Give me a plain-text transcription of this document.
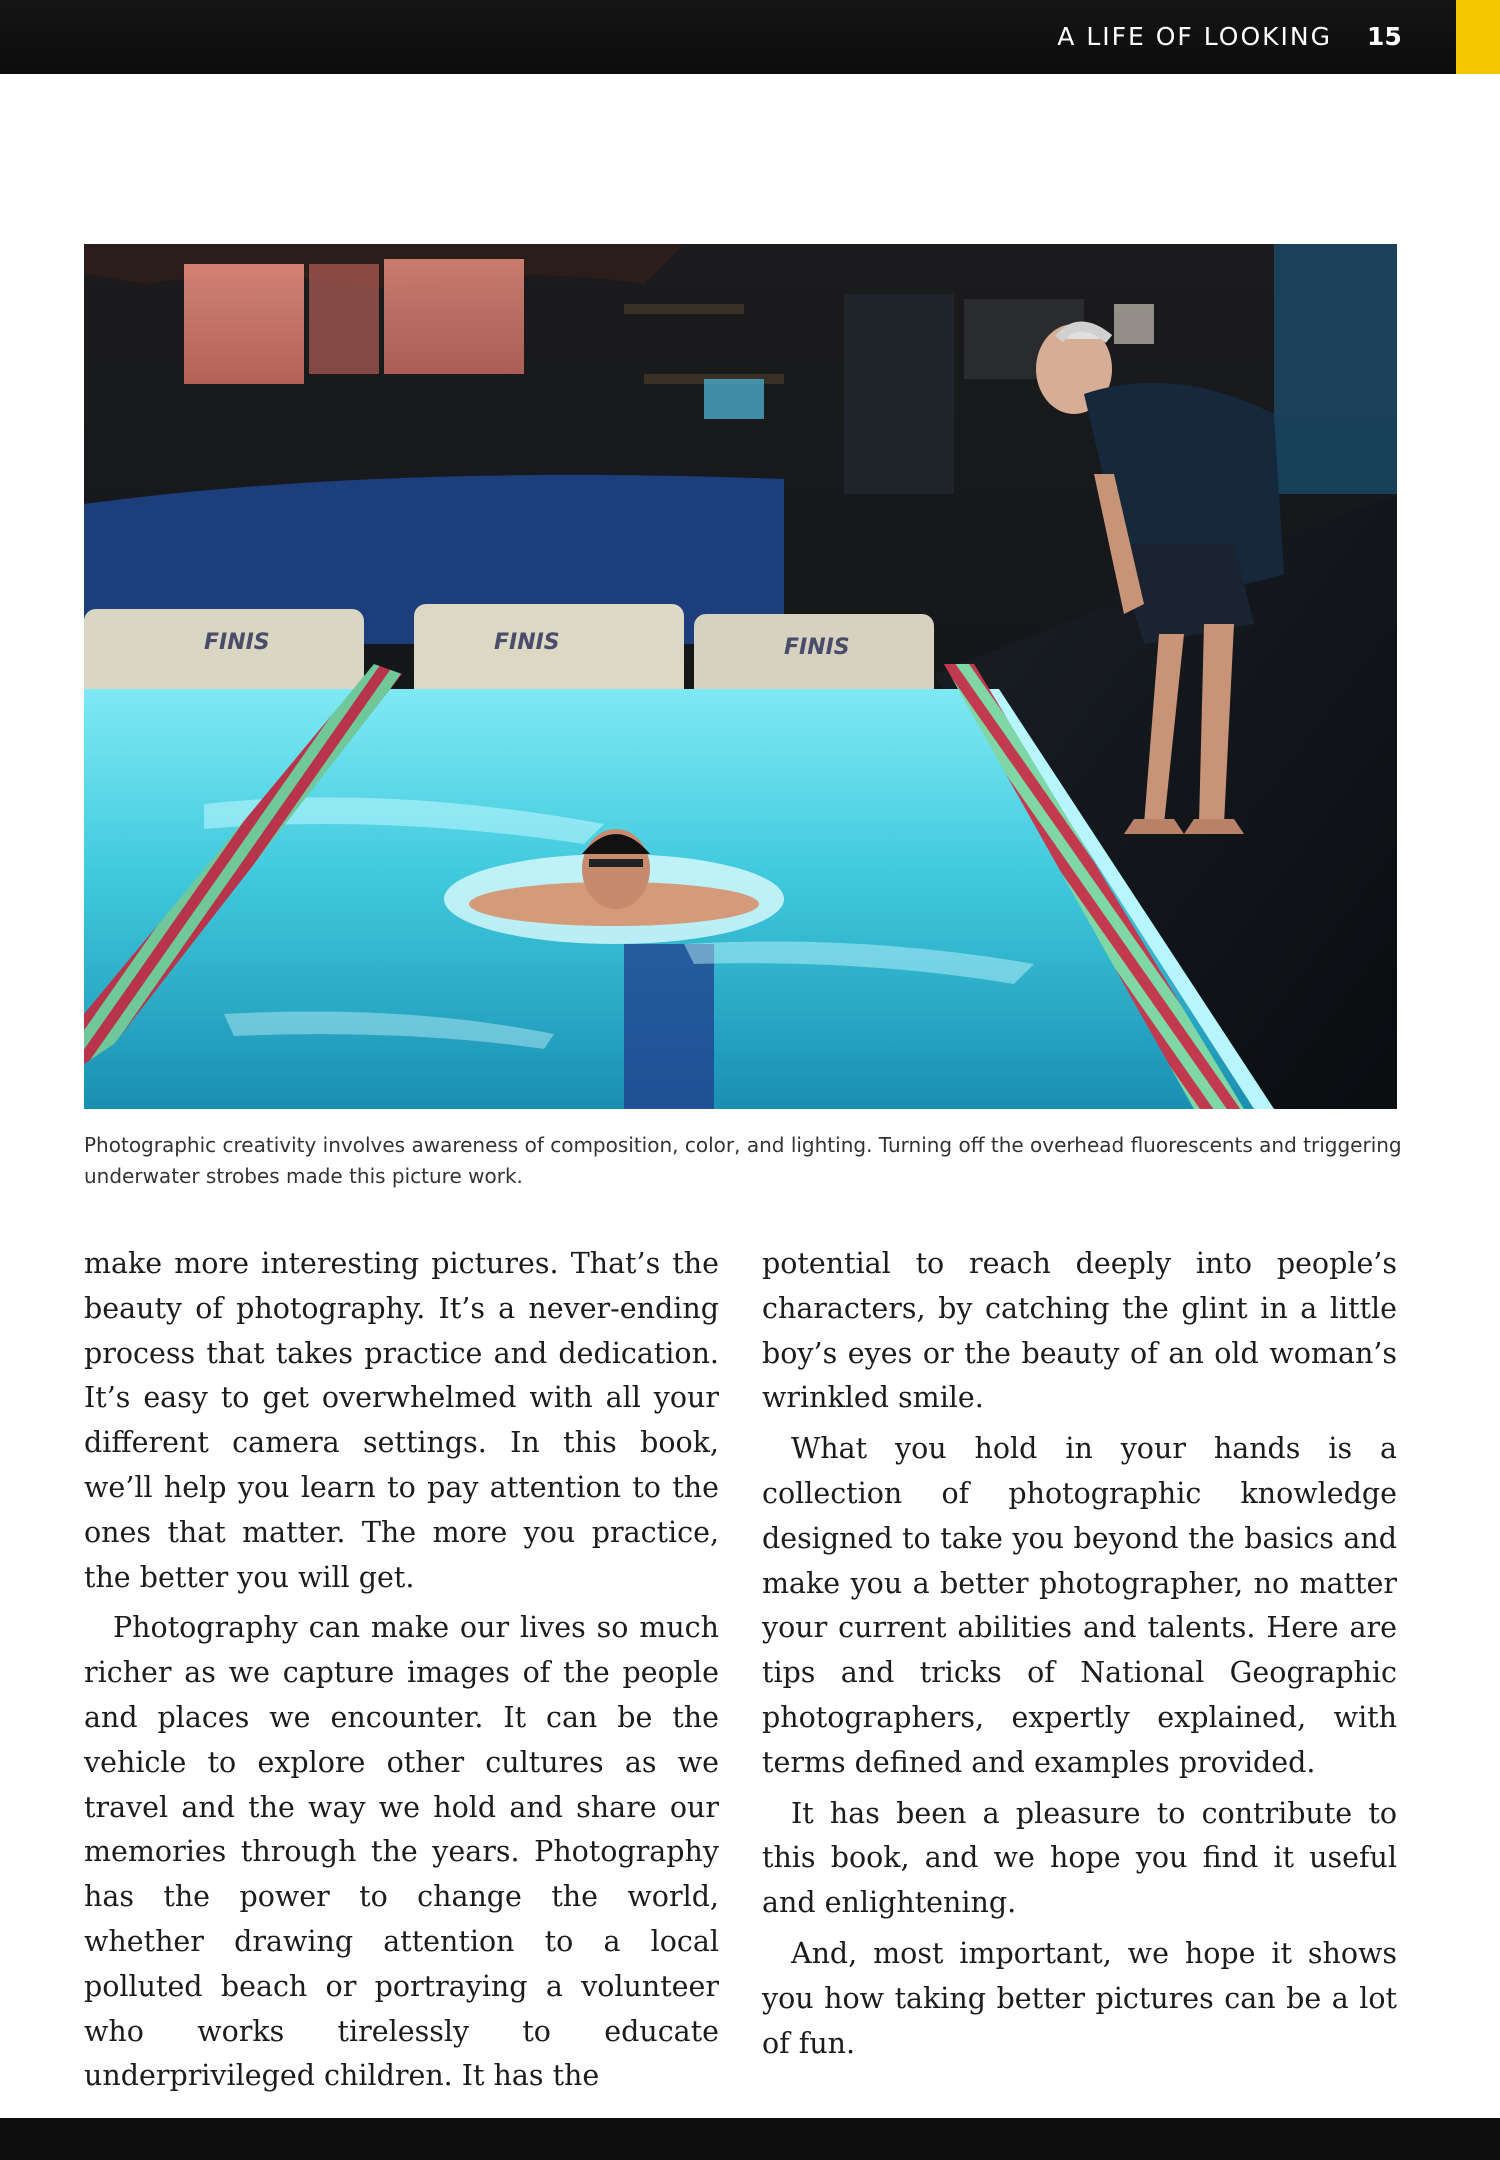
A LIFE OF LOOKING 15
FINIS	FINIS	FINIS
Photographic creativity involves awareness of composition, color, and lighting. Turning off the overhead fluorescents and triggering underwater strobes made this picture work.

make more interesting pictures. That’s the beauty of photography. It’s a never-ending process that takes practice and dedication. It’s easy to get overwhelmed with all your different camera settings. In this book, we’ll help you learn to pay attention to the ones that matter. The more you practice, the better you will get.

Photography can make our lives so much richer as we capture images of the people and places we encounter. It can be the vehicle to explore other cultures as we travel and the way we hold and share our memories through the years. Photography has the power to change the world, whether drawing attention to a local polluted beach or portraying a volunteer who works tirelessly to educate underprivileged children. It has the

potential to reach deeply into people’s characters, by catching the glint in a little boy’s eyes or the beauty of an old woman’s wrinkled smile.

What you hold in your hands is a collection of photographic knowledge designed to take you beyond the basics and make you a better photographer, no matter your current abilities and talents. Here are tips and tricks of National Geographic photographers, expertly explained, with terms defined and examples provided.

It has been a pleasure to contribute to this book, and we hope you find it useful and enlightening.

And, most important, we hope it shows you how taking better pictures can be a lot of fun.
